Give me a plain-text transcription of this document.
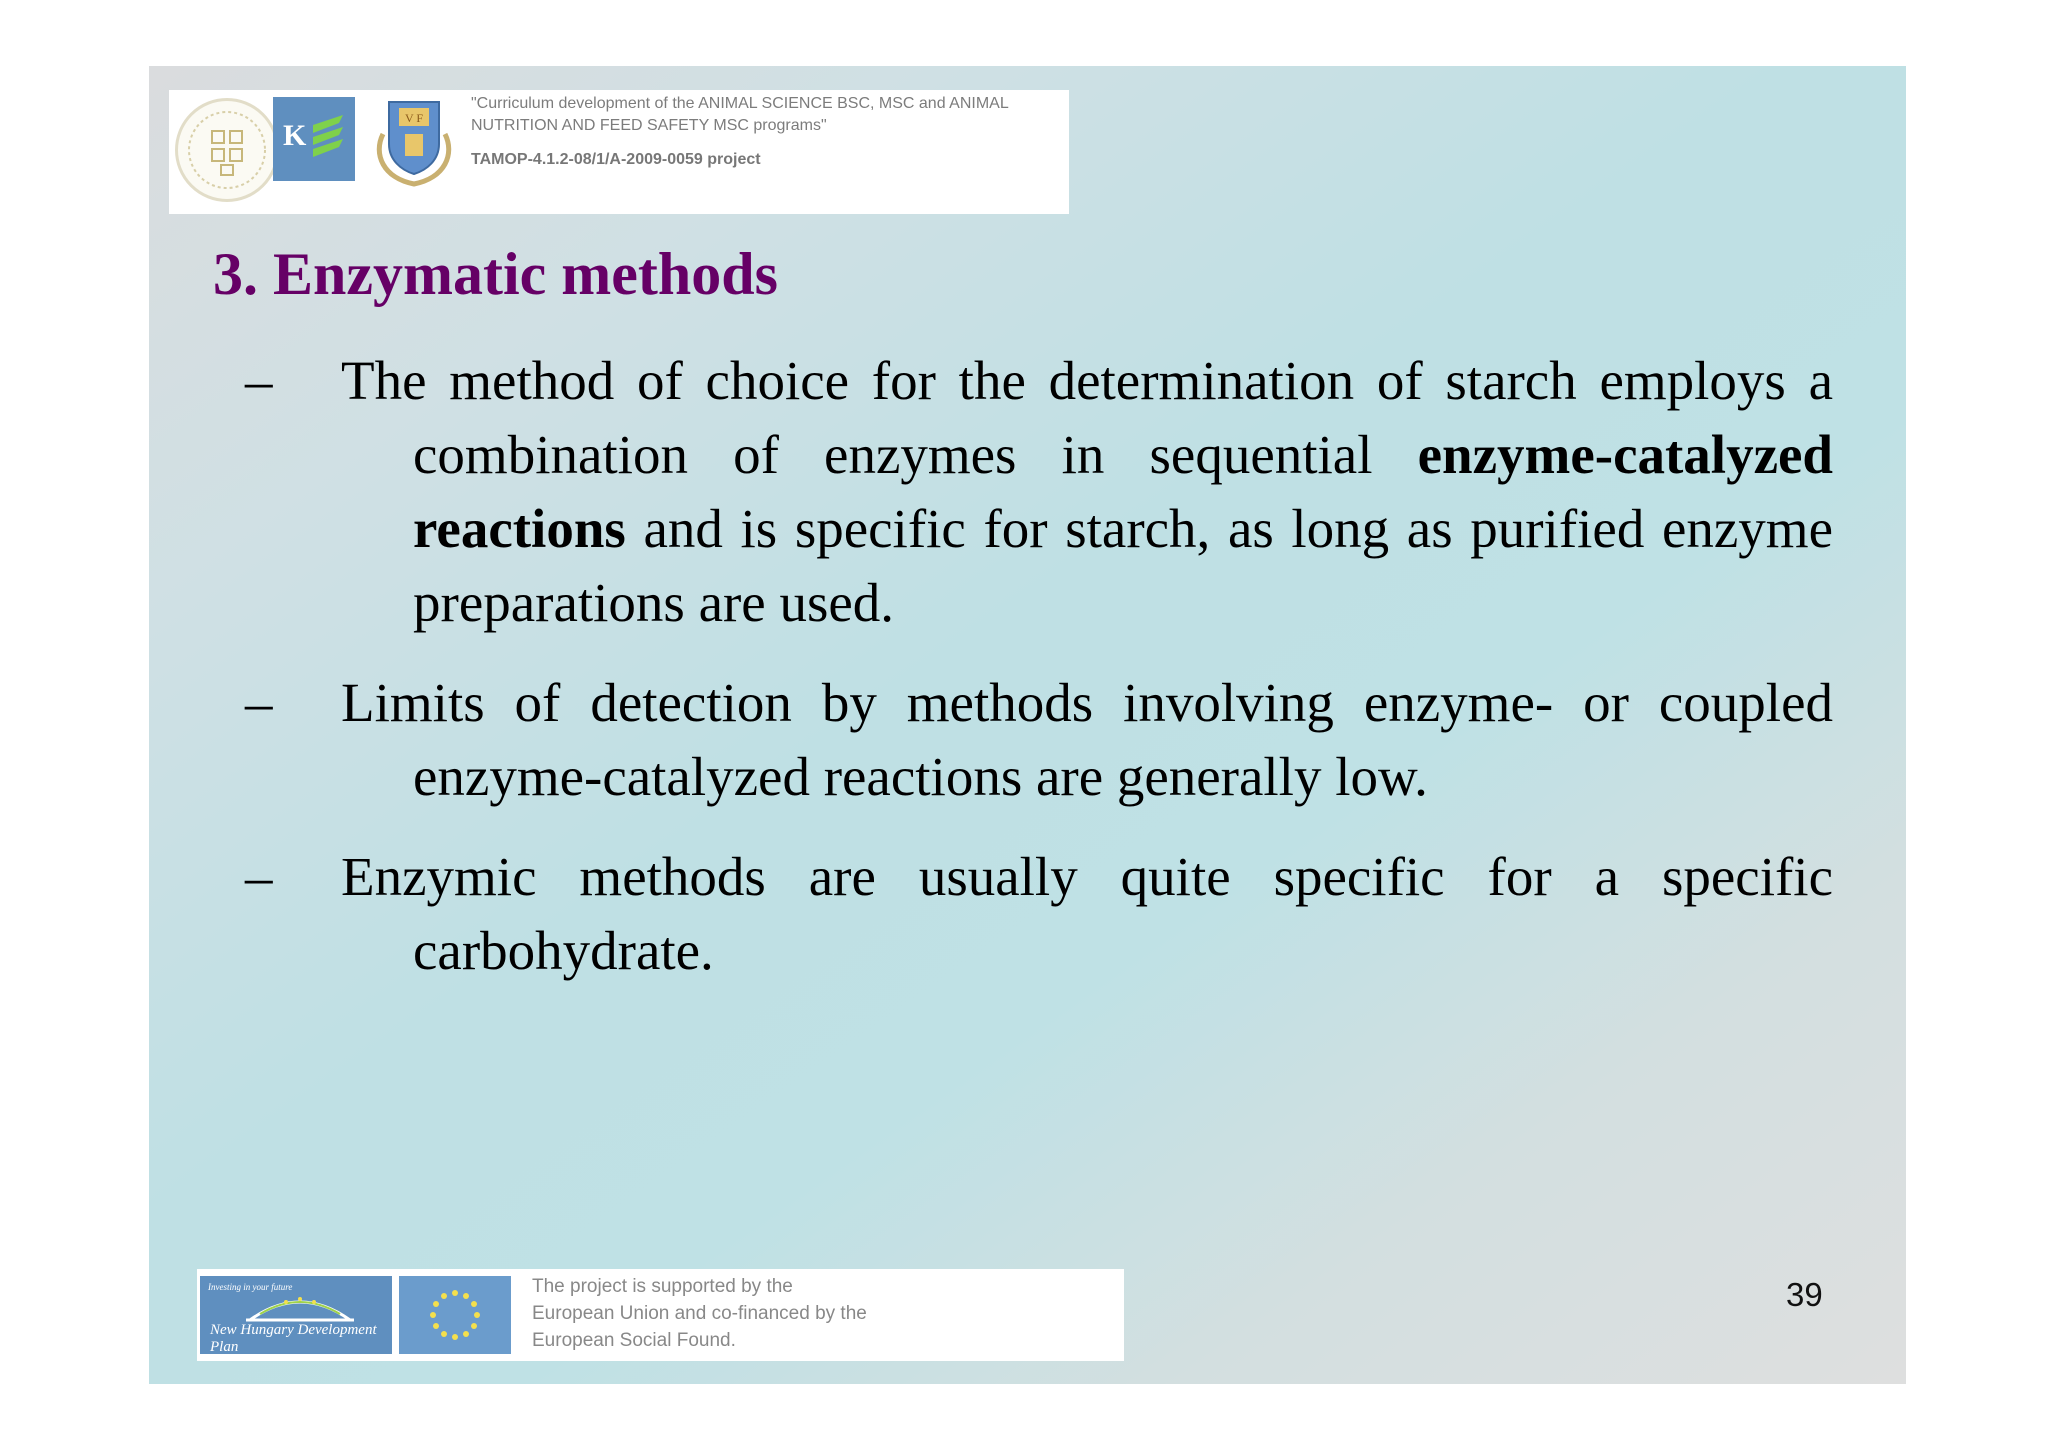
K
V F
"Curriculum development of the ANIMAL SCIENCE BSC, MSC and ANIMAL
NUTRITION AND FEED SAFETY MSC programs"
TAMOP-4.1.2-08/1/A-2009-0059 project
3. Enzymatic methods
– The method of choice for the determination of starch employs a combination of enzymes in sequential enzyme-catalyzed reactions and is specific for starch, as long as purified enzyme preparations are used.

– Limits of detection by methods involving enzyme- or coupled enzyme-catalyzed reactions are generally low.

– Enzymic methods are usually quite specific for a specific carbohydrate.

Investing in your future
New Hungary Development Plan
The project is supported by the
European Union and co-financed by the
European Social Found.
39
